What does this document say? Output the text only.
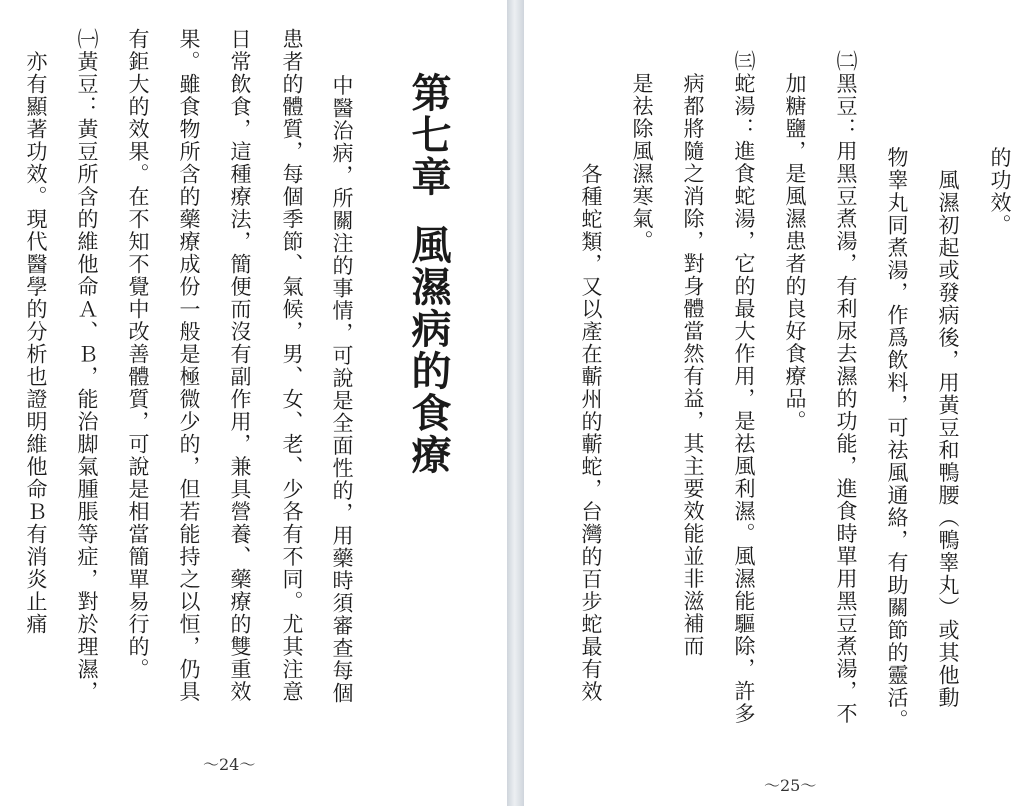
第七章風濕病的食療
　中醫治病，所關注的事情，可說是全面性的，用藥時須審查每個
患者的體質，每個季節、氣候，男、女、老、少各有不同。尤其注意
日常飲食，這種療法，簡便而沒有副作用，兼具營養、藥療的雙重效
果。雖食物所含的藥療成份一般是極微少的，但若能持之以恒，仍具
有鉅大的效果。在不知不覺中改善體質，可說是相當簡單易行的。
㈠黃豆：黃豆所含的維他命Ａ、Ｂ，能治脚氣腫脹等症，對於理濕，
　亦有顯著功效。現代醫學的分析也證明維他命Ｂ有消炎止痛
～24～
　的功效。
　　風濕初起或發病後，用黃豆和鴨腰（鴨睾丸）或其他動
　物睾丸同煮湯，作爲飲料，可祛風通絡，有助關節的靈活。
㈡黑豆：用黑豆煮湯，有利尿去濕的功能，進食時單用黑豆煮湯，不
　加糖鹽，是風濕患者的良好食療品。
㈢蛇湯：進食蛇湯，它的最大作用，是祛風利濕。風濕能驅除，許多
　病都將隨之消除，對身體當然有益，其主要效能並非滋補而
　是祛除風濕寒氣。
　　各種蛇類，又以產在蘄州的蘄蛇，台灣的百步蛇最有效
～25～
